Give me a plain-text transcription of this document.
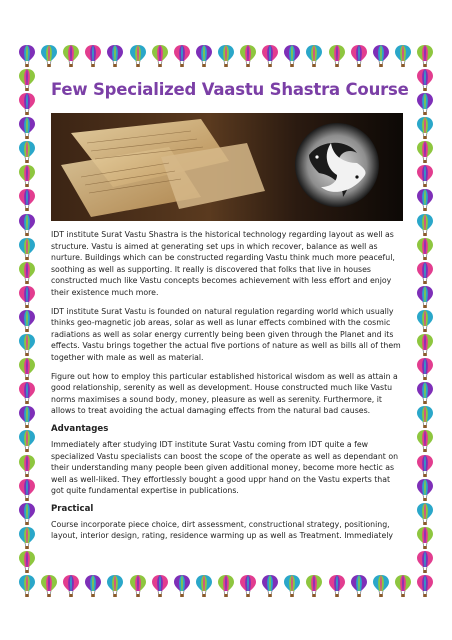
Few Specialized Vaastu Shastra Course

IDT institute Surat Vastu Shastra is the historical technology regarding layout as well as structure. Vastu is aimed at generating set ups in which recover, balance as well as nurture. Buildings which can be constructed regarding Vastu think much more peaceful, soothing as well as supporting. It really is discovered that folks that live in houses constructed much like Vastu concepts becomes achievement with less effort and enjoy their existence much more.

IDT institute Surat Vastu is founded on natural regulation regarding world which usually thinks geo-magnetic job areas, solar as well as lunar effects combined with the cosmic radiations as well as solar energy currently being been given through the Planet and its effects. Vastu brings together the actual five portions of nature as well as bills all of them together with male as well as material.

Figure out how to employ this particular established historical wisdom as well as attain a good relationship, serenity as well as development. House constructed much like Vastu norms maximises a sound body, money, pleasure as well as serenity. Furthermore, it allows to treat avoiding the actual damaging effects from the natural bad causes.

Advantages

Immediately after studying IDT institute Surat Vastu coming from IDT quite a few specialized Vastu specialists can boost the scope of the operate as well as dependant on their understanding many people been given additional money, become more hectic as well as well-liked. They effortlessly bought a good uppr hand on the Vastu experts that got quite fundamental expertise in publications.

Practical

Course incorporate piece choice, dirt assessment, constructional strategy, positioning, layout, interior design, rating, residence warming up as well as Treatment. Immediately
